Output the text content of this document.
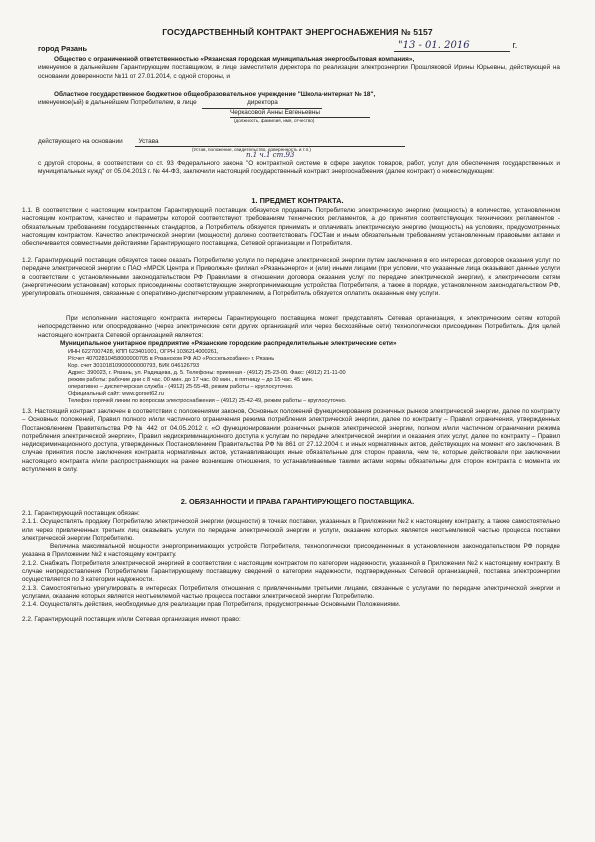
ГОСУДАРСТВЕННЫЙ КОНТРАКТ ЭНЕРГОСНАБЖЕНИЯ № 5157
город Рязань	"13 - 01. 2016	г.

Общество с ограниченной ответственностью «Рязанская городская муниципальная энергосбытовая компания»,

именуемое в дальнейшем Гарантирующим поставщиком, в лице заместителя директора по реализации электроэнергии Прошляковой Ирины Юрьевны, действующей на основании доверенности №11 от 27.01.2014, с одной стороны, и

Областное государственное бюджетное общеобразовательное учреждение "Школа-интернат № 18",

именуемое(ый) в дальнейшем Потребителем, в лице	директора

Черкасовой Анны Евгеньевны

(должность, фамилия, имя, отчество)

действующего на основании Устава

(Устав, положение, свидетельство, доверенность и т.п.)

п.1 ч.1 ст.93

с другой стороны, в соответствии со ст. 93 Федерального закона "О контрактной системе в сфере закупок товаров, работ, услуг для обеспечения государственных и муниципальных нужд" от 05.04.2013 г. № 44-ФЗ, заключили настоящий государственный контракт энергоснабжения (далее контракт) о нижеследующем:

1. ПРЕДМЕТ КОНТРАКТА.

1.1. В соответствии с настоящим контрактом Гарантирующий поставщик обязуется продавать Потребителю электрическую энергию (мощность) в количестве, установленном настоящим контрактом, качество и параметры которой соответствуют требованиям технических регламентов, а до принятия соответствующих технических регламентов - обязательным требованиям государственных стандартов, а Потребитель обязуется принимать и оплачивать электрическую энергию (мощность) на условиях, предусмотренных настоящим контрактом. Качество электрической энергии (мощности) должно соответствовать ГОСТам и иным обязательным требованиям установленным правовыми актами и обеспечивается совместными действиями Гарантирующего поставщика, Сетевой организации и Потребителя.

1.2. Гарантирующий поставщик обязуется также оказать Потребителю услуги по передаче электрической энергии путем заключения в его интересах договоров оказания услуг по передаче электрической энергии с ПАО «МРСК Центра и Приволжья» филиал «Рязаньэнерго» и (или) иными лицами (при условии, что указанные лица оказывают данные услуги в соответствии с установленными законодательством РФ Правилами в отношении договора оказания услуг по передаче электрической энергии), к электрическим сетям (энергетическим установкам) которых присоединены соответствующие энергопринимающие устройства Потребителя, а также в порядке, установленном законодательством РФ, урегулировать отношения, связанные с оперативно-диспетчерским управлением, а Потребитель обязуется оплатить оказанные ему услуги.

При исполнении настоящего контракта интересы Гарантирующего поставщика может представлять Сетевая организация, к электрическим сетям которой непосредственно или опосредованно (через электрические сети других организаций или через бесхозяйные сети) технологически присоединен Потребитель. Для целей настоящего контракта Сетевой организацией является:

Муниципальное унитарное предприятие «Рязанские городские распределительные электрические сети»

ИНН 6227007428, КПП 623401001, ОГРН 1036214000261,

Р/счет 40702810458000000705 в Рязанском РФ АО «Россельхозбанк» г. Рязань

Кор. счет 30101810900000000793, БИК 046126793

Адрес: 390023, г. Рязань, ул. Радищева, д. 5. Телефоны: приемная - (4912) 25-23-00. Факс: (4912) 21-11-00

режим работы: рабочие дни с 8 час. 00 мин. до 17 час. 00 мин., в пятницу – до 15 час. 45 мин.

оперативно – диспетчерская служба - (4912) 25-55-48, режим работы – круглосуточно.

Официальный сайт: www.gorset62.ru

Телефон горячей линии по вопросам электроснабжения – (4912) 25-42-49, режим работы – круглосуточно.

1.3. Настоящий контракт заключен в соответствии с положениями законов, Основных положений функционирования розничных рынков электрической энергии, далее по контракту – Основных положений, Правил полного и/или частичного ограничения режима потребления электрической энергии, далее по контракту – Правил ограничения, утвержденных Постановлением Правительства РФ № 442 от 04.05.2012 г. «О функционировании розничных рынков электрической энергии, полном и/или частичном ограничении режима потребления электрической энергии», Правил недискриминационного доступа к услугам по передаче электрической энергии и оказания этих услуг, далее по контракту – Правил недискриминационного доступа, утвержденных Постановлением Правительства РФ № 861 от 27.12.2004 г. и иных нормативных актов, действующих на момент его заключения. В случае принятия после заключения контракта нормативных актов, устанавливающих иные обязательные для сторон правила, чем те, которые действовали при заключении настоящего контракта и/или распространяющих на ранее возникшие отношения, то устанавливаемые такими актами нормы обязательны для сторон контракта с момента их вступления в силу.

2. ОБЯЗАННОСТИ И ПРАВА ГАРАНТИРУЮЩЕГО ПОСТАВЩИКА.

2.1. Гарантирующий поставщик обязан:

2.1.1. Осуществлять продажу Потребителю электрической энергии (мощности) в точках поставки, указанных в Приложении №2 к настоящему контракту, а также самостоятельно или через привлеченных третьих лиц оказывать услуги по передаче электрической энергии и услуги, оказание которых является неотъемлемой частью процесса поставки электрической энергии Потребителю.

Величина максимальной мощности энергопринимающих устройств Потребителя, технологически присоединенных в установленном законодательством РФ порядке указана в Приложении №2 к настоящему контракту.

2.1.2. Снабжать Потребителя электрической энергией в соответствии с настоящим контрактом по категории надежности, указанной в Приложении №2 к настоящему контракту. В случае непредоставления Потребителем Гарантирующему поставщику сведений о категории надежности, подтвержденных Сетевой организацией, поставка электроэнергии осуществляется по 3 категории надежности.

2.1.3. Самостоятельно урегулировать в интересах Потребителя отношения с привлеченными третьими лицами, связанные с услугами по передаче электрической энергии и услугами, оказание которых является неотъемлемой частью процесса поставки электрической энергии Потребителю.

2.1.4. Осуществлять действия, необходимые для реализации прав Потребителя, предусмотренные Основными Положениями.

2.2. Гарантирующий поставщик и/или Сетевая организация имеют право:
